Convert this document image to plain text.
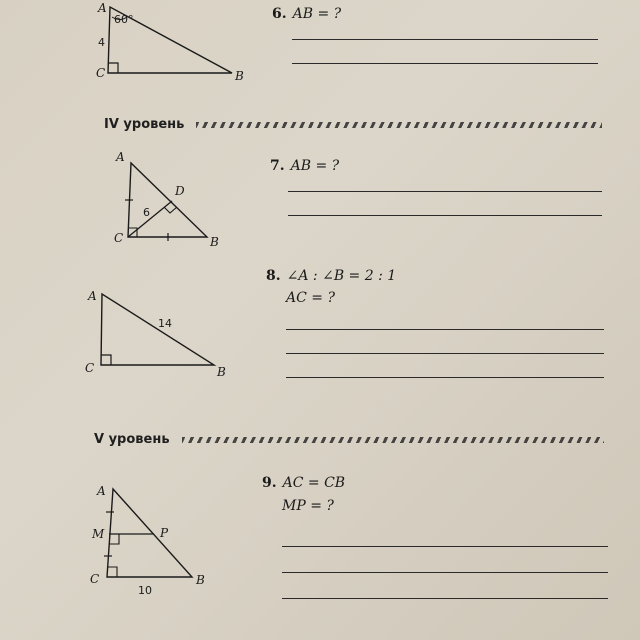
A
60°
4
C	B
A
D
6
C	B
A
14
C	B
A
M	P
C
10
B
IV уровень
V уровень
6. AB = ?
7. AB = ?
8. ∠A : ∠B = 2 : 1
AC = ?
9. AC = CB
MP = ?
